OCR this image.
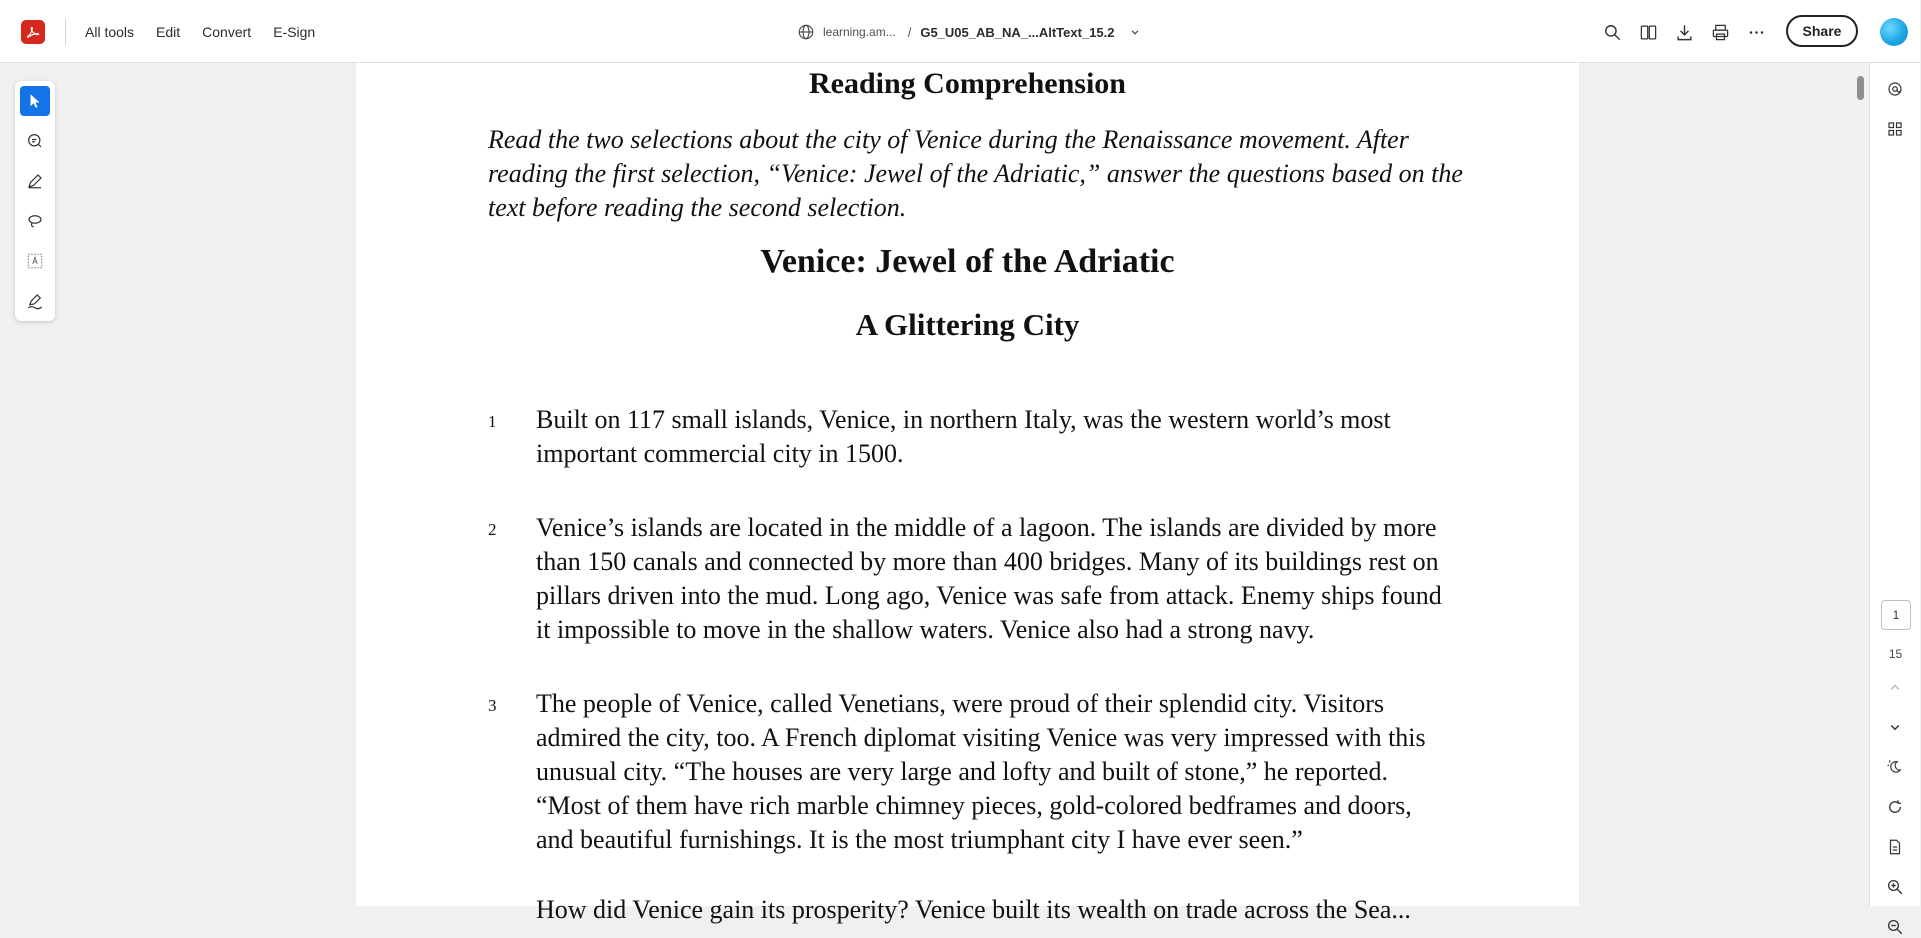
All tools Edit Convert E-Sign	learning.am... / G5_U05_AB_NA_...AltText_15.2	Share
Reading Comprehension
Read the two selections about the city of Venice during the Renaissance movement. After reading the first selection, “Venice: Jewel of the Adriatic,” answer the questions based on the text before reading the second selection.
Venice: Jewel of the Adriatic
A Glittering City
1 Built on 117 small islands, Venice, in northern Italy, was the western world’s most important commercial city in 1500.
2 Venice’s islands are located in the middle of a lagoon. The islands are divided by more than 150 canals and connected by more than 400 bridges. Many of its buildings rest on pillars driven into the mud. Long ago, Venice was safe from attack. Enemy ships found it impossible to move in the shallow waters. Venice also had a strong navy.
3 The people of Venice, called Venetians, were proud of their splendid city. Visitors admired the city, too. A French diplomat visiting Venice was very impressed with this unusual city. “The houses are very large and lofty and built of stone,” he reported. “Most of them have rich marble chimney pieces, gold-colored bedframes and doors, and beautiful furnishings. It is the most triumphant city I have ever seen.”
How did Venice gain its prosperity? Venice built its wealth on trade across the Sea...
1
15
